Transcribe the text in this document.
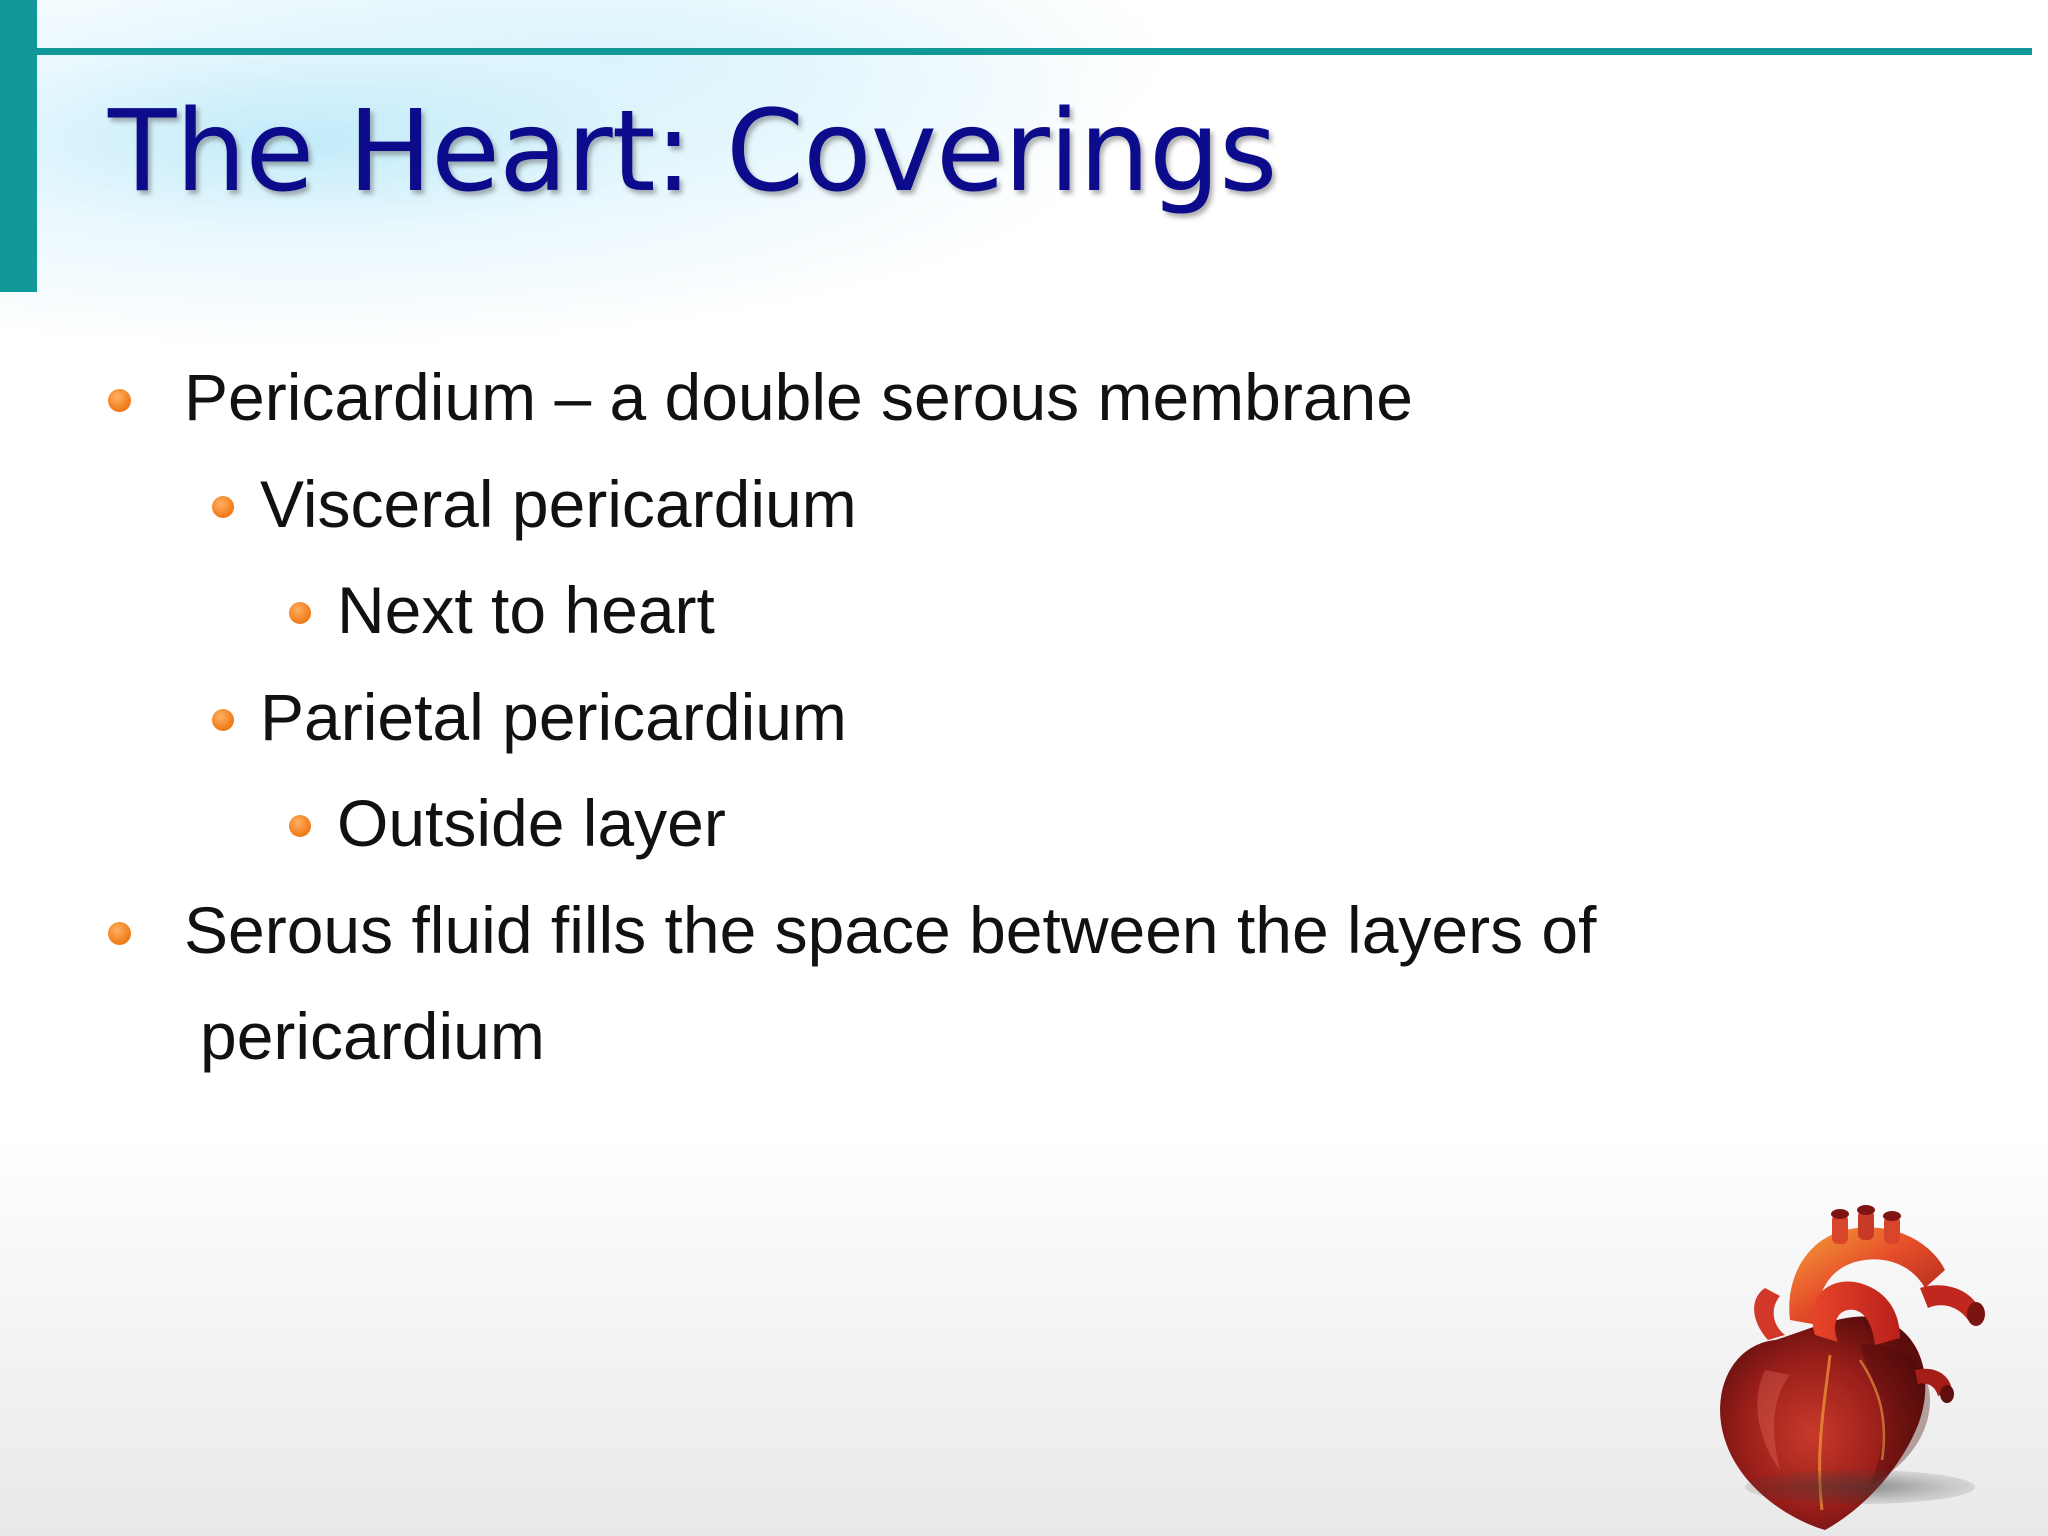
The Heart: Coverings
Pericardium – a double serous membrane
Visceral pericardium
Next to heart
Parietal pericardium
Outside layer
Serous fluid fills the space between the layers of
pericardium
